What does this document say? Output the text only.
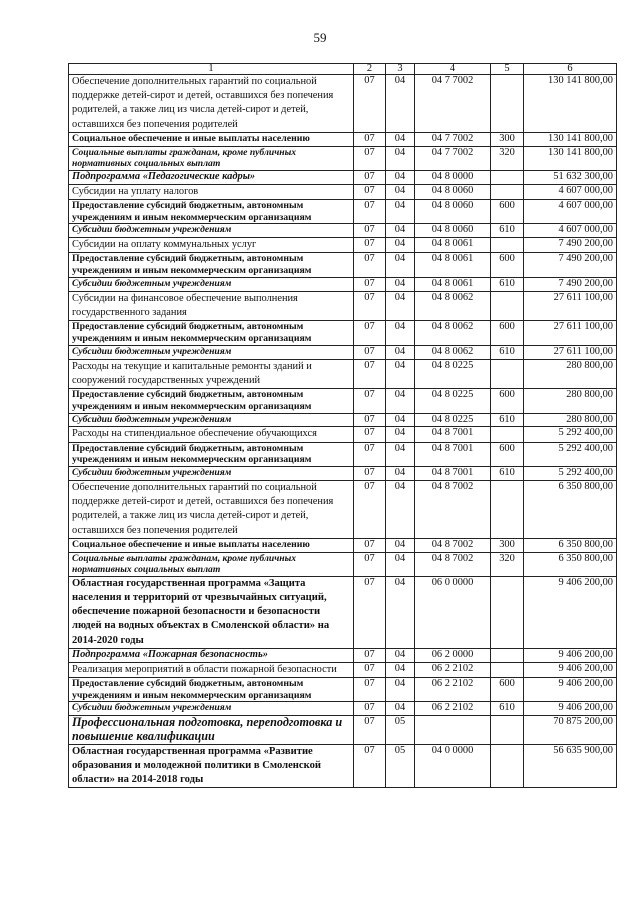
59
1	2	3	4	5	6
Обеспечение дополнительных гарантий по социальной поддержке детей-сирот и детей, оставшихся без попечения родителей, а также лиц из числа детей-сирот и детей, оставшихся без попечения родителей	07	04	04 7 7002		130 141 800,00
Социальное обеспечение и иные выплаты населению	07	04	04 7 7002	300	130 141 800,00
Социальные выплаты гражданам, кроме публичных нормативных социальных выплат	07	04	04 7 7002	320	130 141 800,00
Подпрограмма «Педагогические кадры»	07	04	04 8 0000		51 632 300,00
Субсидии на уплату налогов	07	04	04 8 0060		4 607 000,00
Предоставление субсидий бюджетным, автономным учреждениям и иным некоммерческим организациям	07	04	04 8 0060	600	4 607 000,00
Субсидии бюджетным учреждениям	07	04	04 8 0060	610	4 607 000,00
Субсидии на оплату коммунальных услуг	07	04	04 8 0061		7 490 200,00
Предоставление субсидий бюджетным, автономным учреждениям и иным некоммерческим организациям	07	04	04 8 0061	600	7 490 200,00
Субсидии бюджетным учреждениям	07	04	04 8 0061	610	7 490 200,00
Субсидии на финансовое обеспечение выполнения государственного задания	07	04	04 8 0062		27 611 100,00
Предоставление субсидий бюджетным, автономным учреждениям и иным некоммерческим организациям	07	04	04 8 0062	600	27 611 100,00
Субсидии бюджетным учреждениям	07	04	04 8 0062	610	27 611 100,00
Расходы на текущие и капитальные ремонты зданий и сооружений государственных учреждений	07	04	04 8 0225		280 800,00
Предоставление субсидий бюджетным, автономным учреждениям и иным некоммерческим организациям	07	04	04 8 0225	600	280 800,00
Субсидии бюджетным учреждениям	07	04	04 8 0225	610	280 800,00
Расходы на стипендиальное обеспечение обучающихся	07	04	04 8 7001		5 292 400,00
Предоставление субсидий бюджетным, автономным учреждениям и иным некоммерческим организациям	07	04	04 8 7001	600	5 292 400,00
Субсидии бюджетным учреждениям	07	04	04 8 7001	610	5 292 400,00
Обеспечение дополнительных гарантий по социальной поддержке детей-сирот и детей, оставшихся без попечения родителей, а также лиц из числа детей-сирот и детей, оставшихся без попечения родителей	07	04	04 8 7002		6 350 800,00
Социальное обеспечение и иные выплаты населению	07	04	04 8 7002	300	6 350 800,00
Социальные выплаты гражданам, кроме публичных нормативных социальных выплат	07	04	04 8 7002	320	6 350 800,00
Областная государственная программа «Защита населения и территорий от чрезвычайных ситуаций, обеспечение пожарной безопасности и безопасности людей на водных объектах в Смоленской области» на 2014-2020 годы	07	04	06 0 0000		9 406 200,00
Подпрограмма «Пожарная безопасность»	07	04	06 2 0000		9 406 200,00
Реализация мероприятий в области пожарной безопасности	07	04	06 2 2102		9 406 200,00
Предоставление субсидий бюджетным, автономным учреждениям и иным некоммерческим организациям	07	04	06 2 2102	600	9 406 200,00
Субсидии бюджетным учреждениям	07	04	06 2 2102	610	9 406 200,00
Профессиональная подготовка, переподготовка и повышение квалификации	07	05			70 875 200,00
Областная государственная программа «Развитие образования и молодежной политики в Смоленской области» на 2014-2018 годы	07	05	04 0 0000		56 635 900,00
